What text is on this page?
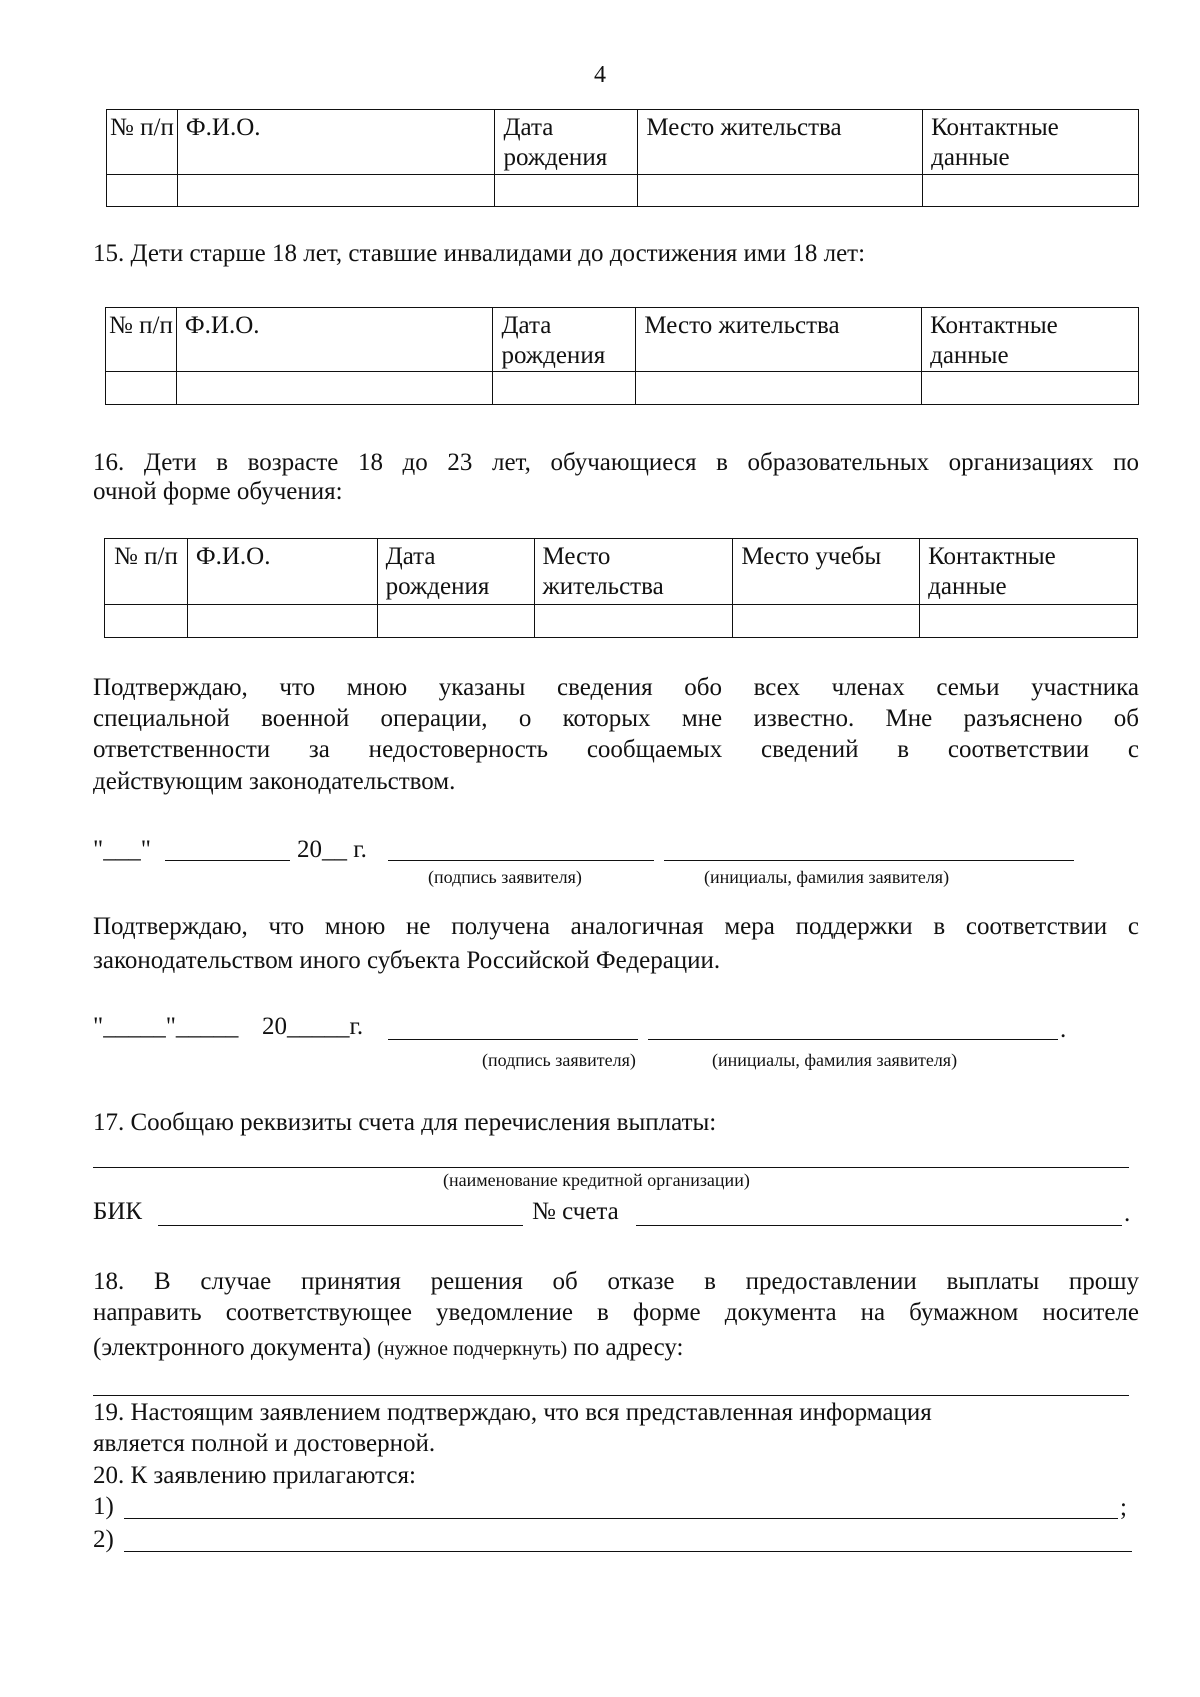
4
№ п/п	Ф.И.О.	Дата рождения	Место жительства	Контактные данные

15. Дети старше 18 лет, ставшие инвалидами до достижения ими 18 лет:
№ п/п	Ф.И.О.	Дата рождения	Место жительства	Контактные данные

16. Дети в возрасте 18 до 23 лет, обучающиеся в образовательных организациях по
очной форме обучения:
№ п/п	Ф.И.О.	Дата рождения	Место жительства	Место учебы	Контактные данные

Подтверждаю, что мною указаны сведения обо всех членах семьи участника
специальной военной операции, о которых мне известно. Мне разъяснено об
ответственности за недостоверность сообщаемых сведений в соответствии с
действующим законодательством.
"___"	20__ г.
(подпись заявителя)	(инициалы, фамилия заявителя)
Подтверждаю, что мною не получена аналогичная мера поддержки в соответствии с
законодательством иного субъекта Российской Федерации.
"_____"_____ 20_____г.	.
(подпись заявителя)	(инициалы, фамилия заявителя)
17. Сообщаю реквизиты счета для перечисления выплаты:
(наименование кредитной организации)
БИК	№ счета	.
18. В случае принятия решения об отказе в предоставлении выплаты прошу
направить соответствующее уведомление в форме документа на бумажном носителе
(электронного документа) (нужное подчеркнуть) по адресу:
19. Настоящим заявлением подтверждаю, что вся представленная информация
является полной и достоверной.
20. К заявлению прилагаются:
1)	;
2)
